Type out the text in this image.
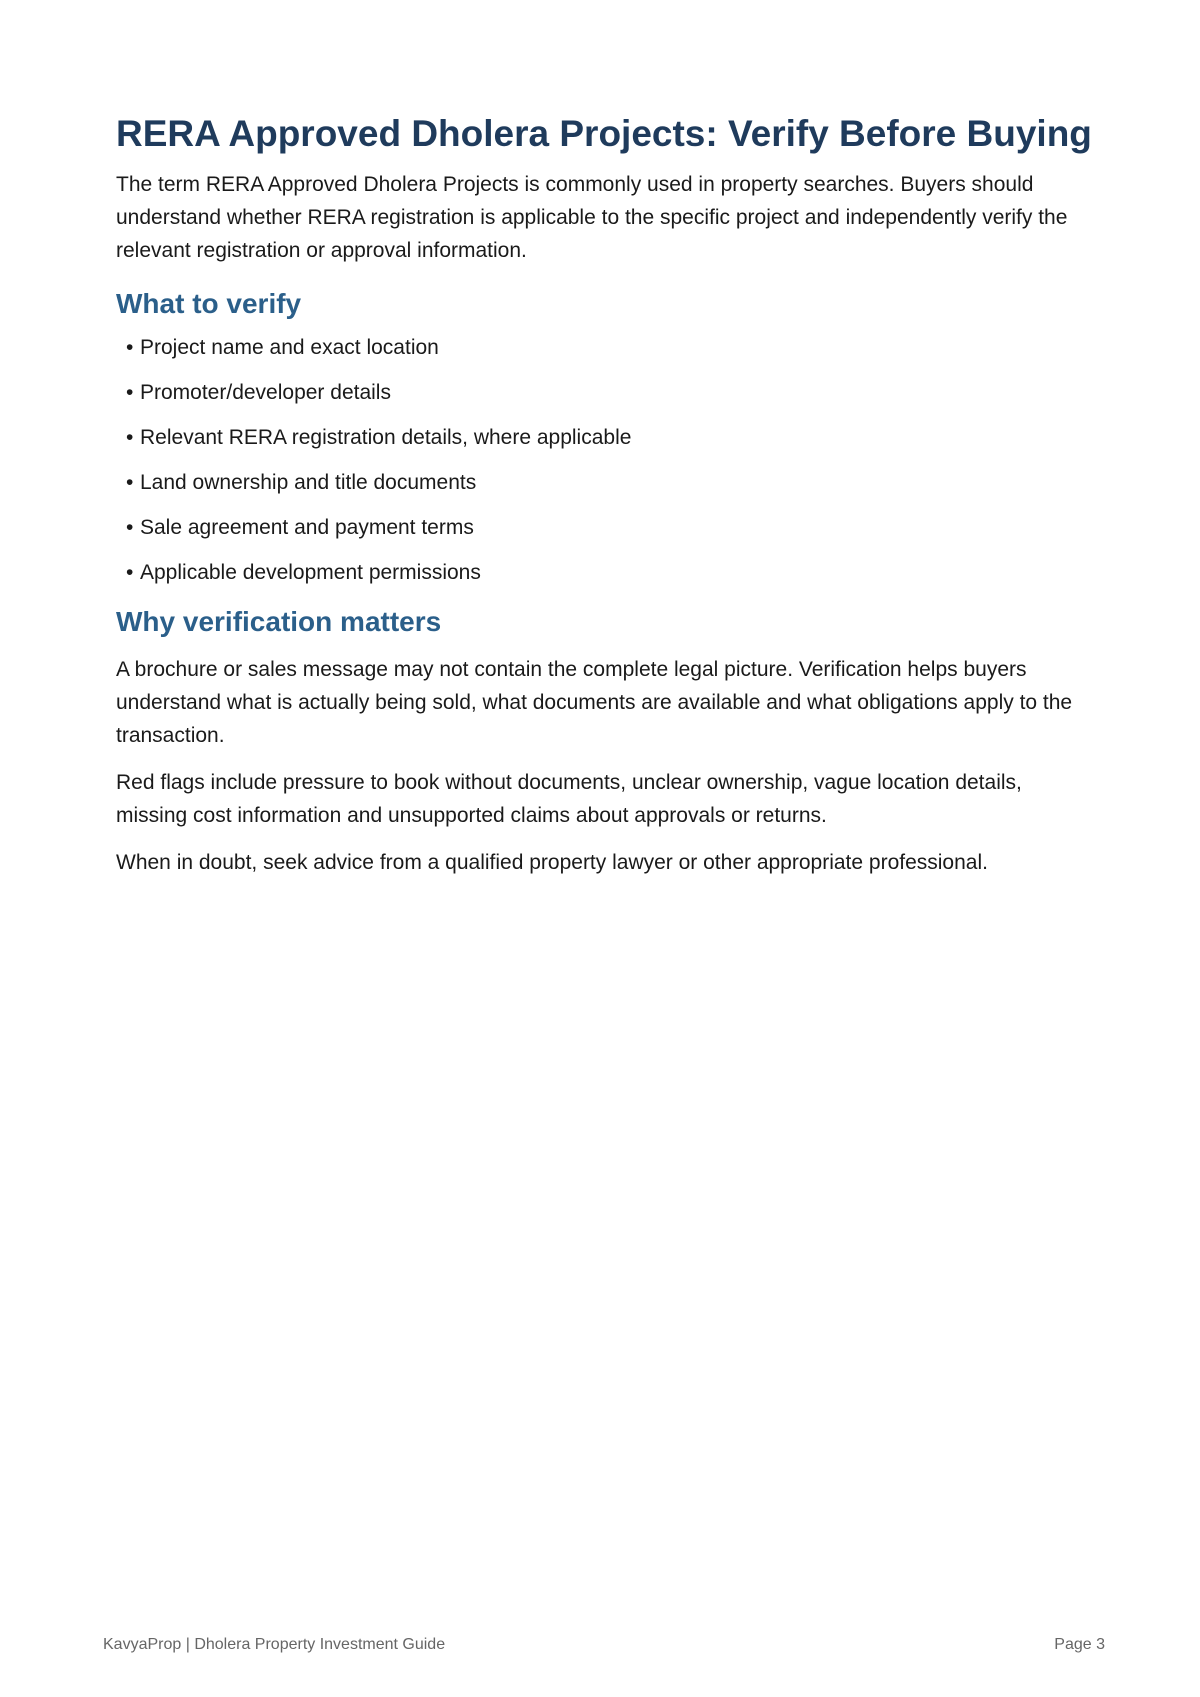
RERA Approved Dholera Projects: Verify Before Buying

The term RERA Approved Dholera Projects is commonly used in property searches. Buyers should understand whether RERA registration is applicable to the specific project and independently verify the relevant registration or approval information.

What to verify
• Project name and exact location
• Promoter/developer details
• Relevant RERA registration details, where applicable
• Land ownership and title documents
• Sale agreement and payment terms
• Applicable development permissions
Why verification matters

A brochure or sales message may not contain the complete legal picture. Verification helps buyers understand what is actually being sold, what documents are available and what obligations apply to the transaction.

Red flags include pressure to book without documents, unclear ownership, vague location details, missing cost information and unsupported claims about approvals or returns.

When in doubt, seek advice from a qualified property lawyer or other appropriate professional.

KavyaProp | Dholera Property Investment Guide	Page 3
